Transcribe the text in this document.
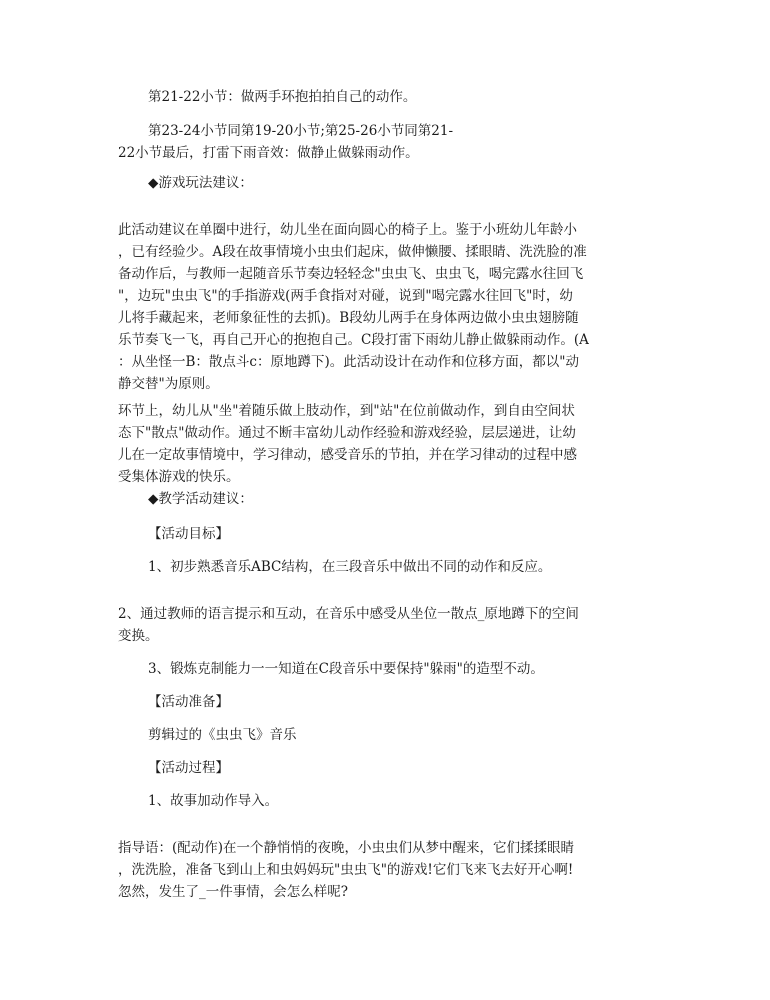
第21-22小节：做两手环抱拍拍自己的动作。

第23-24小节同第19-20小节;第25-26小节同第21-
22小节最后，打雷下雨音效：做静止做躲雨动作。

◆游戏玩法建议：

此活动建议在单圈中进行，幼儿坐在面向圆心的椅子上。鉴于小班幼儿年龄小
，已有经验少。A段在故事情境小虫虫们起床，做伸懒腰、揉眼睛、洗洗脸的准
备动作后，与教师一起随音乐节奏边轻轻念"虫虫飞、虫虫飞，喝完露水往回飞
"，边玩"虫虫飞"的手指游戏(两手食指对对碰，说到"喝完露水往回飞"时，幼
儿将手藏起来，老师象征性的去抓)。B段幼儿两手在身体两边做小虫虫翅膀随
乐节奏飞一飞，再自己开心的抱抱自己。C段打雷下雨幼儿静止做躲雨动作。(A
：从坐怪一B：散点斗c：原地蹲下)。此活动设计在动作和位移方面，都以"动
静交替"为原则。

环节上，幼儿从"坐"着随乐做上肢动作，到"站"在位前做动作，到自由空间状
态下"散点"做动作。通过不断丰富幼儿动作经验和游戏经验，层层递进，让幼
儿在一定故事情境中，学习律动，感受音乐的节拍，并在学习律动的过程中感
受集体游戏的快乐。

◆教学活动建议：

【活动目标】

1、初步熟悉音乐ABC结构，在三段音乐中做出不同的动作和反应。

2、通过教师的语言提示和互动，在音乐中感受从坐位一散点_原地蹲下的空间
变换。

3、锻炼克制能力一一知道在C段音乐中要保持"躲雨"的造型不动。

【活动准备】

剪辑过的《虫虫飞》音乐

【活动过程】

1、故事加动作导入。

指导语：(配动作)在一个静悄悄的夜晚，小虫虫们从梦中醒来，它们揉揉眼睛
，洗洗脸，准备飞到山上和虫妈妈玩"虫虫飞"的游戏!它们飞来飞去好开心啊!
忽然，发生了_一件事情，会怎么样呢?
